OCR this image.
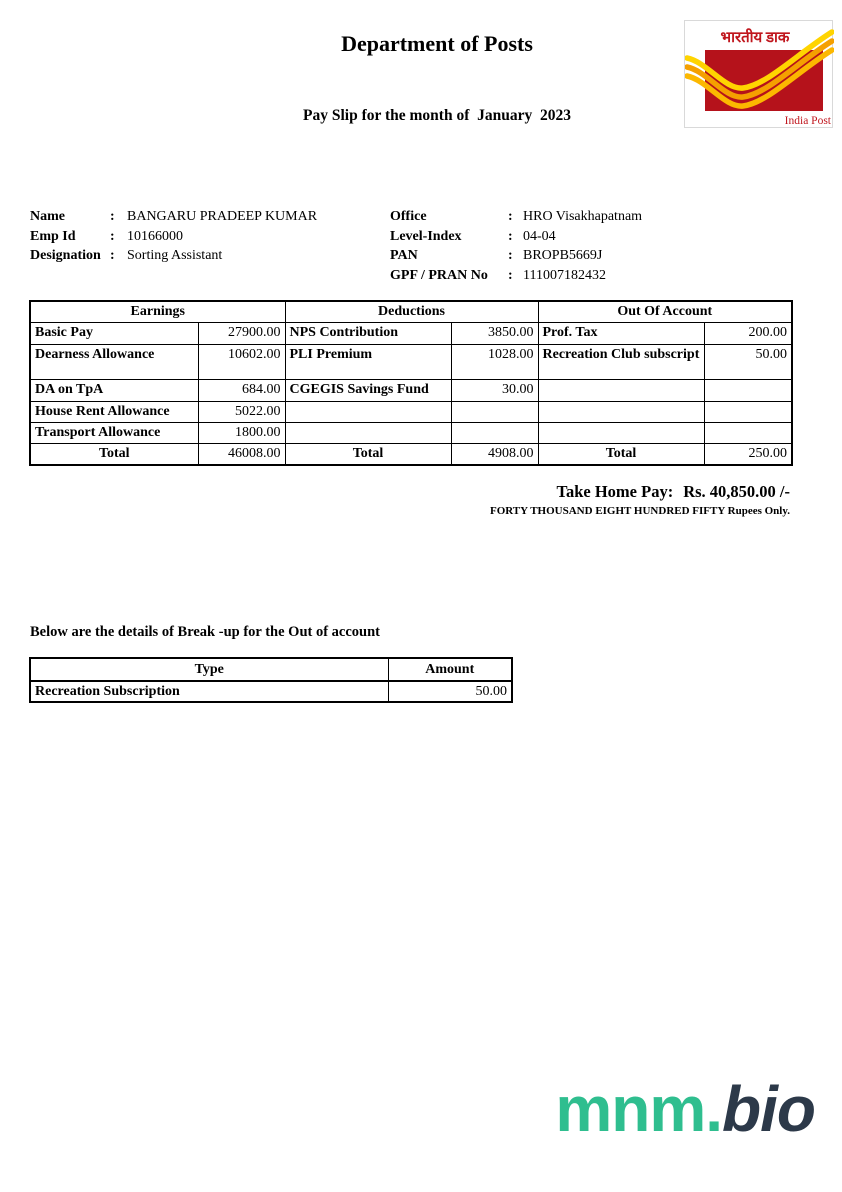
Department of Posts
Pay Slip for the month of  January  2023
भारतीय डाक
India Post
Name	: BANGARU PRADEEP KUMAR
Emp Id	: 10166000
Designation : Sorting Assistant
Office	: HRO Visakhapatnam
Level-Index	: 04-04
PAN	: BROPB5669J
GPF / PRAN No	: 111007182432
Earnings		Deductions		Out Of Account	
Basic Pay	27900.00	NPS Contribution	3850.00	Prof. Tax	200.00
Dearness Allowance	10602.00	PLI Premium	1028.00	Recreation Club subscript	50.00
DA on TpA	684.00	CGEGIS Savings Fund	30.00		
House Rent Allowance	5022.00				
Transport Allowance	1800.00				
Total	46008.00	Total	4908.00	Total	250.00
Take Home Pay: Rs. 40,850.00 /-
FORTY THOUSAND EIGHT HUNDRED FIFTY Rupees Only.
Below are the details of Break -up for the Out of account
Type	Amount
Recreation Subscription	50.00
mnm.bio
